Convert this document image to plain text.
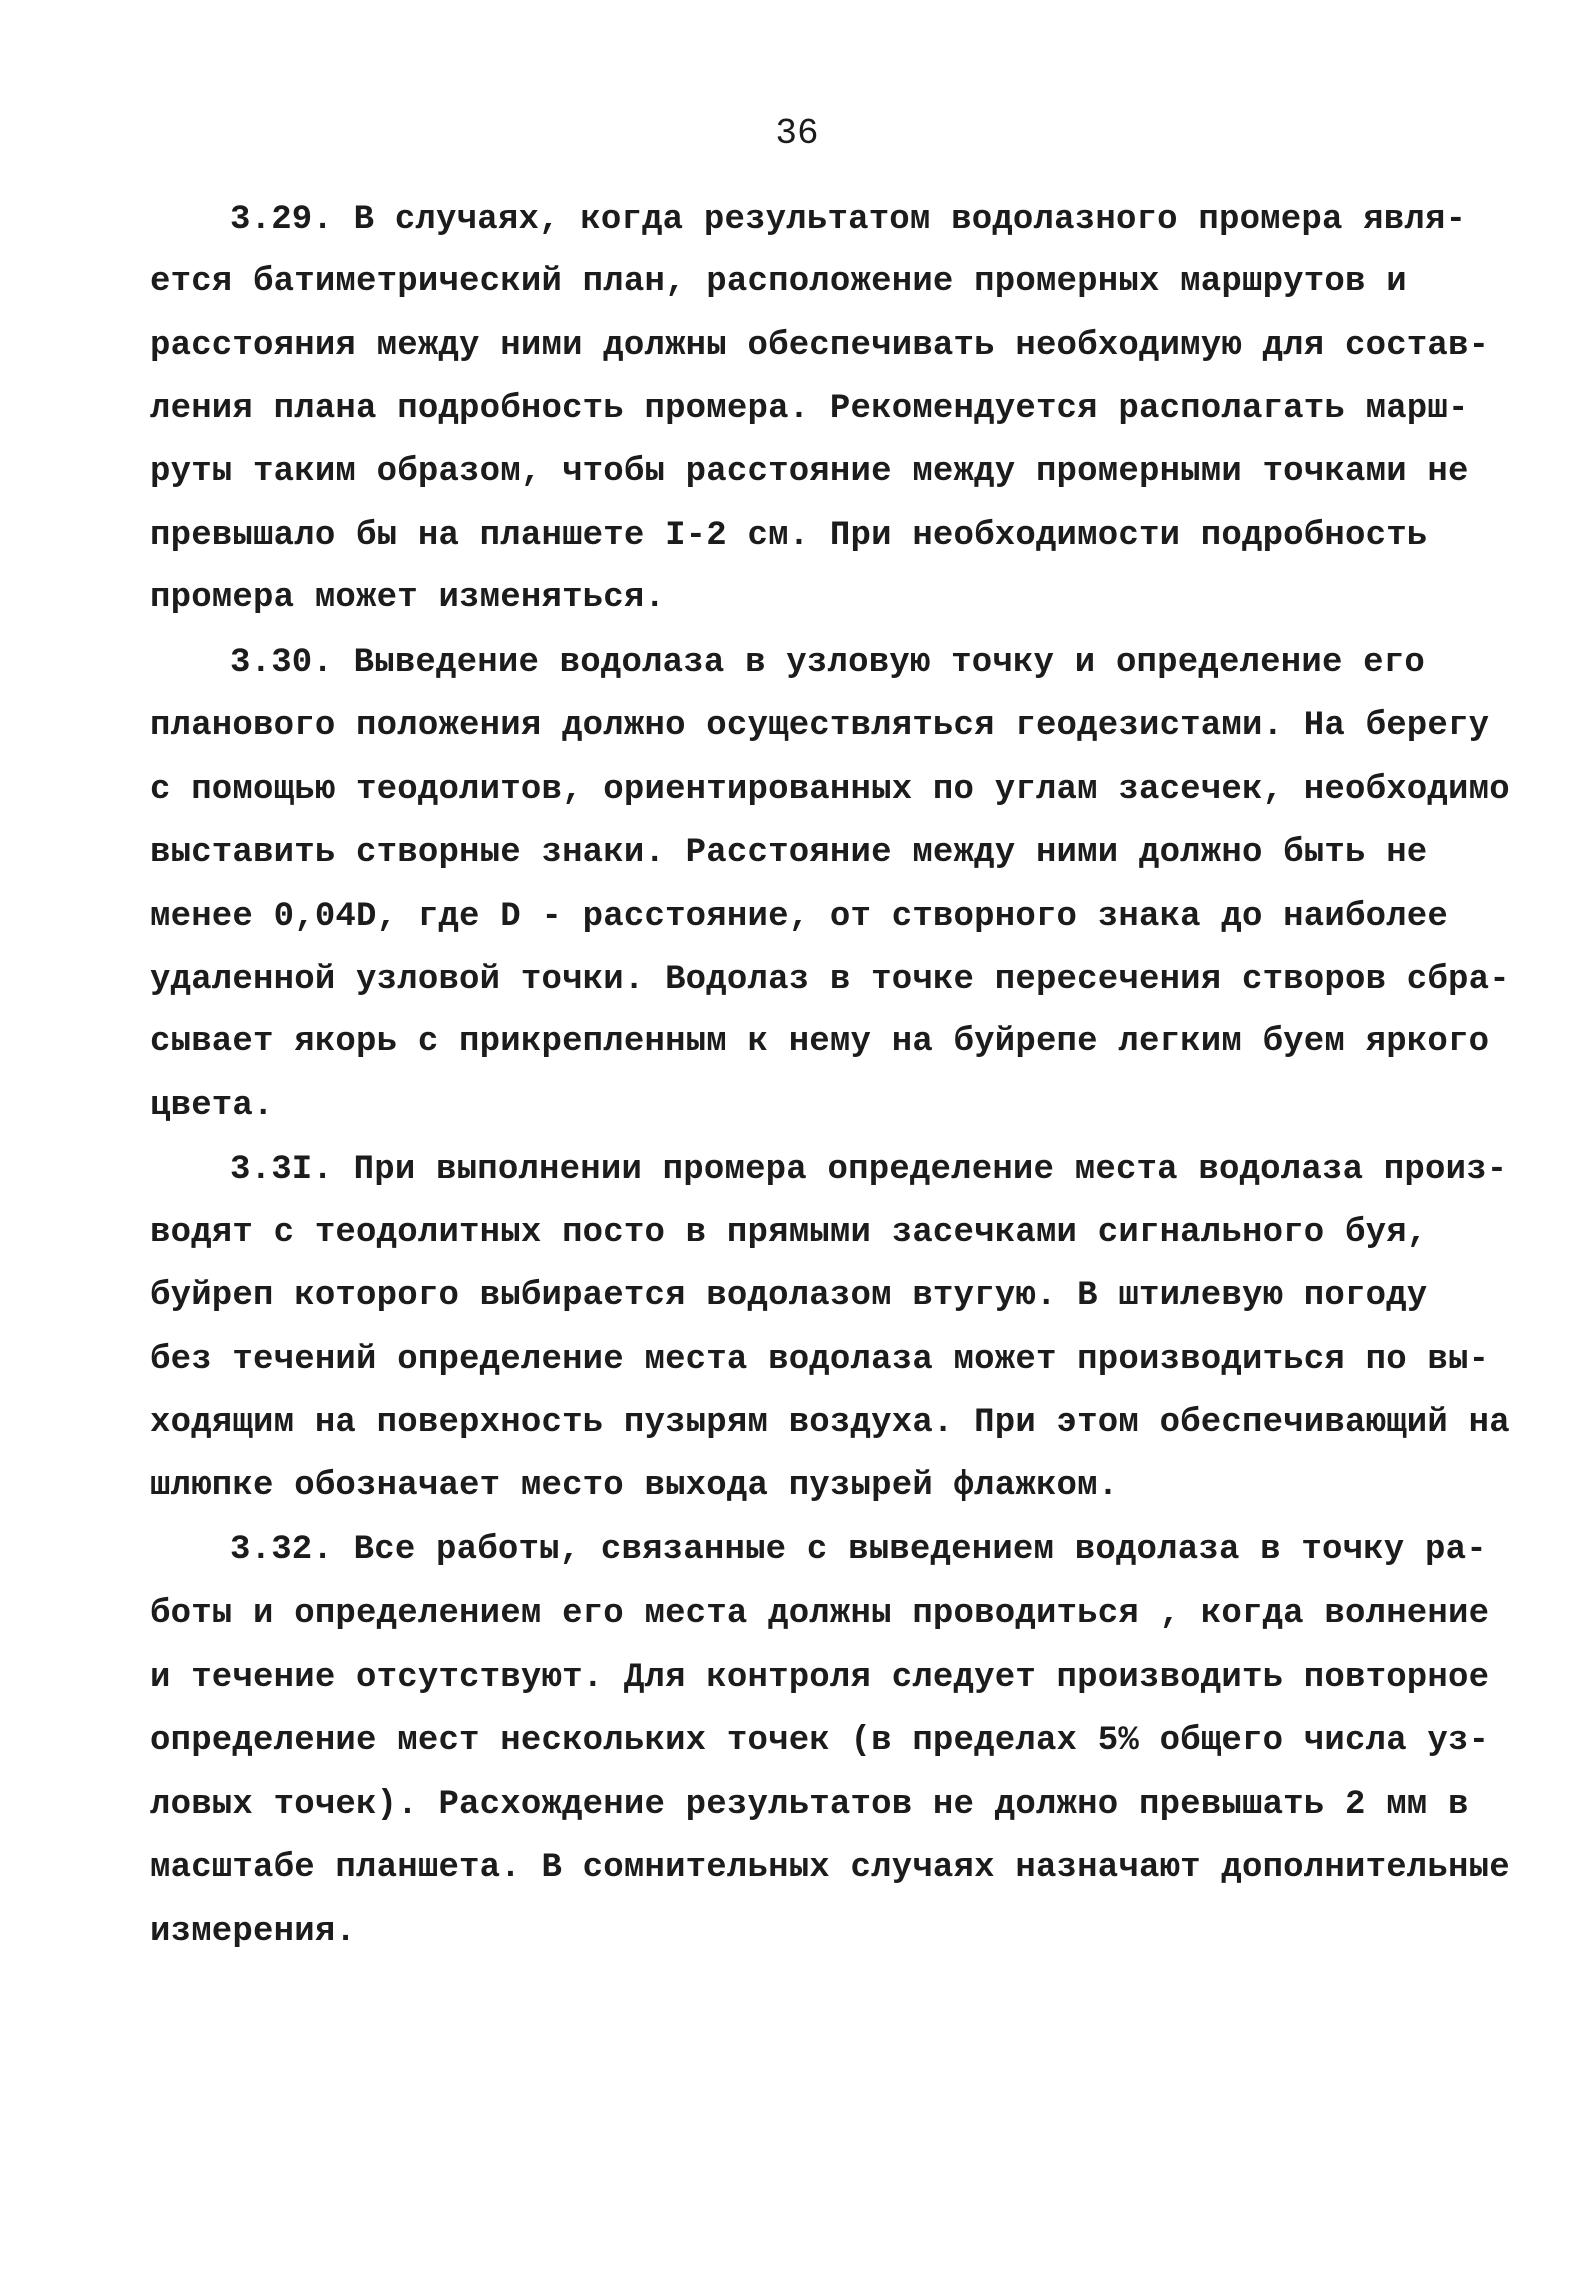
36
3.29. В случаях, когда результатом водолазного промера явля-
ется батиметрический план, расположение промерных маршрутов и
расстояния между ними должны обеспечивать необходимую для состав-
ления плана подробность промера. Рекомендуется располагать марш-
руты таким образом, чтобы расстояние между промерными точками не
превышало бы на планшете I-2 см. При необходимости подробность
промера может изменяться.
3.30. Выведение водолаза в узловую точку и определение его
планового положения должно осуществляться геодезистами. На берегу
с помощью теодолитов, ориентированных по углам засечек, необходимо
выставить створные знаки. Расстояние между ними должно быть не
менее 0,04D, где D - расстояние, от створного знака до наиболее
удаленной узловой точки. Водолаз в точке пересечения створов сбра-
сывает якорь с прикрепленным к нему на буйрепе легким буем яркого
цвета.
3.3I. При выполнении промера определение места водолаза произ-
водят с теодолитных посто в прямыми засечками сигнального буя,
буйреп которого выбирается водолазом втугую. В штилевую погоду
без течений определение места водолаза может производиться по вы-
ходящим на поверхность пузырям воздуха. При этом обеспечивающий на
шлюпке обозначает место выхода пузырей флажком.
3.32. Все работы, связанные с выведением водолаза в точку ра-
боты и определением его места должны проводиться , когда волнение
и течение отсутствуют. Для контроля следует производить повторное
определение мест нескольких точек (в пределах 5% общего числа уз-
ловых точек). Расхождение результатов не должно превышать 2 мм в
масштабе планшета. В сомнительных случаях назначают дополнительные
измерения.
